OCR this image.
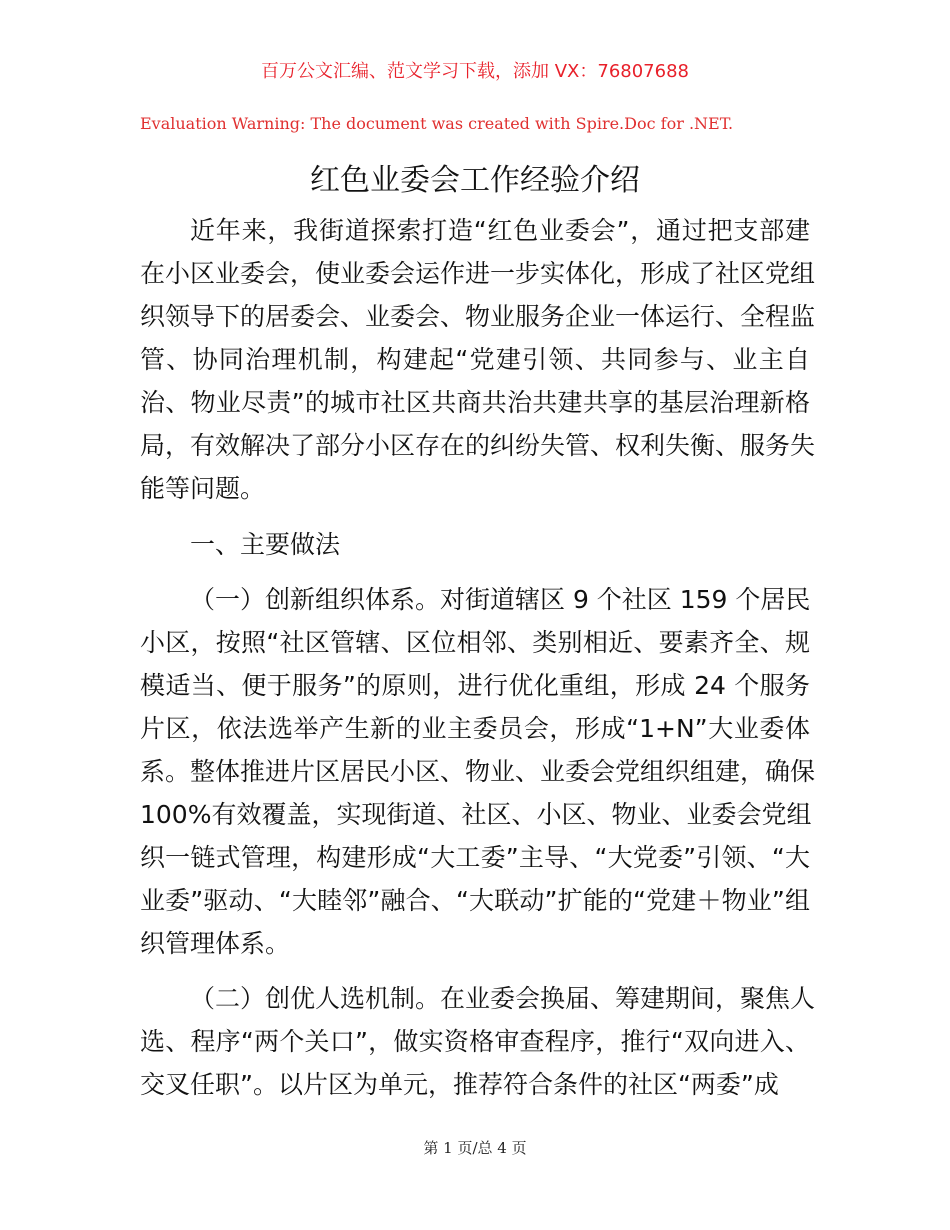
百万公文汇编、范文学习下载，添加 VX：76807688
Evaluation Warning: The document was created with Spire.Doc for .NET.
红色业委会工作经验介绍
近年来，我街道探索打造“红色业委会”，通过把支部建
在小区业委会，使业委会运作进一步实体化，形成了社区党组
织领导下的居委会、业委会、物业服务企业一体运行、全程监
管、协同治理机制，构建起“党建引领、共同参与、业主自
治、物业尽责”的城市社区共商共治共建共享的基层治理新格
局，有效解决了部分小区存在的纠纷失管、权利失衡、服务失
能等问题。
一、主要做法
（一）创新组织体系。对街道辖区 9 个社区 159 个居民
小区，按照“社区管辖、区位相邻、类别相近、要素齐全、规
模适当、便于服务”的原则，进行优化重组，形成 24 个服务
片区，依法选举产生新的业主委员会，形成“1+N”大业委体
系。整体推进片区居民小区、物业、业委会党组织组建，确保
100%有效覆盖，实现街道、社区、小区、物业、业委会党组
织一链式管理，构建形成“大工委”主导、“大党委”引领、“大
业委”驱动、“大睦邻”融合、“大联动”扩能的“党建＋物业”组
织管理体系。
（二）创优人选机制。在业委会换届、筹建期间，聚焦人
选、程序“两个关口”，做实资格审查程序，推行“双向进入、
交叉任职”。以片区为单元，推荐符合条件的社区“两委”成
第 1 页/总 4 页
